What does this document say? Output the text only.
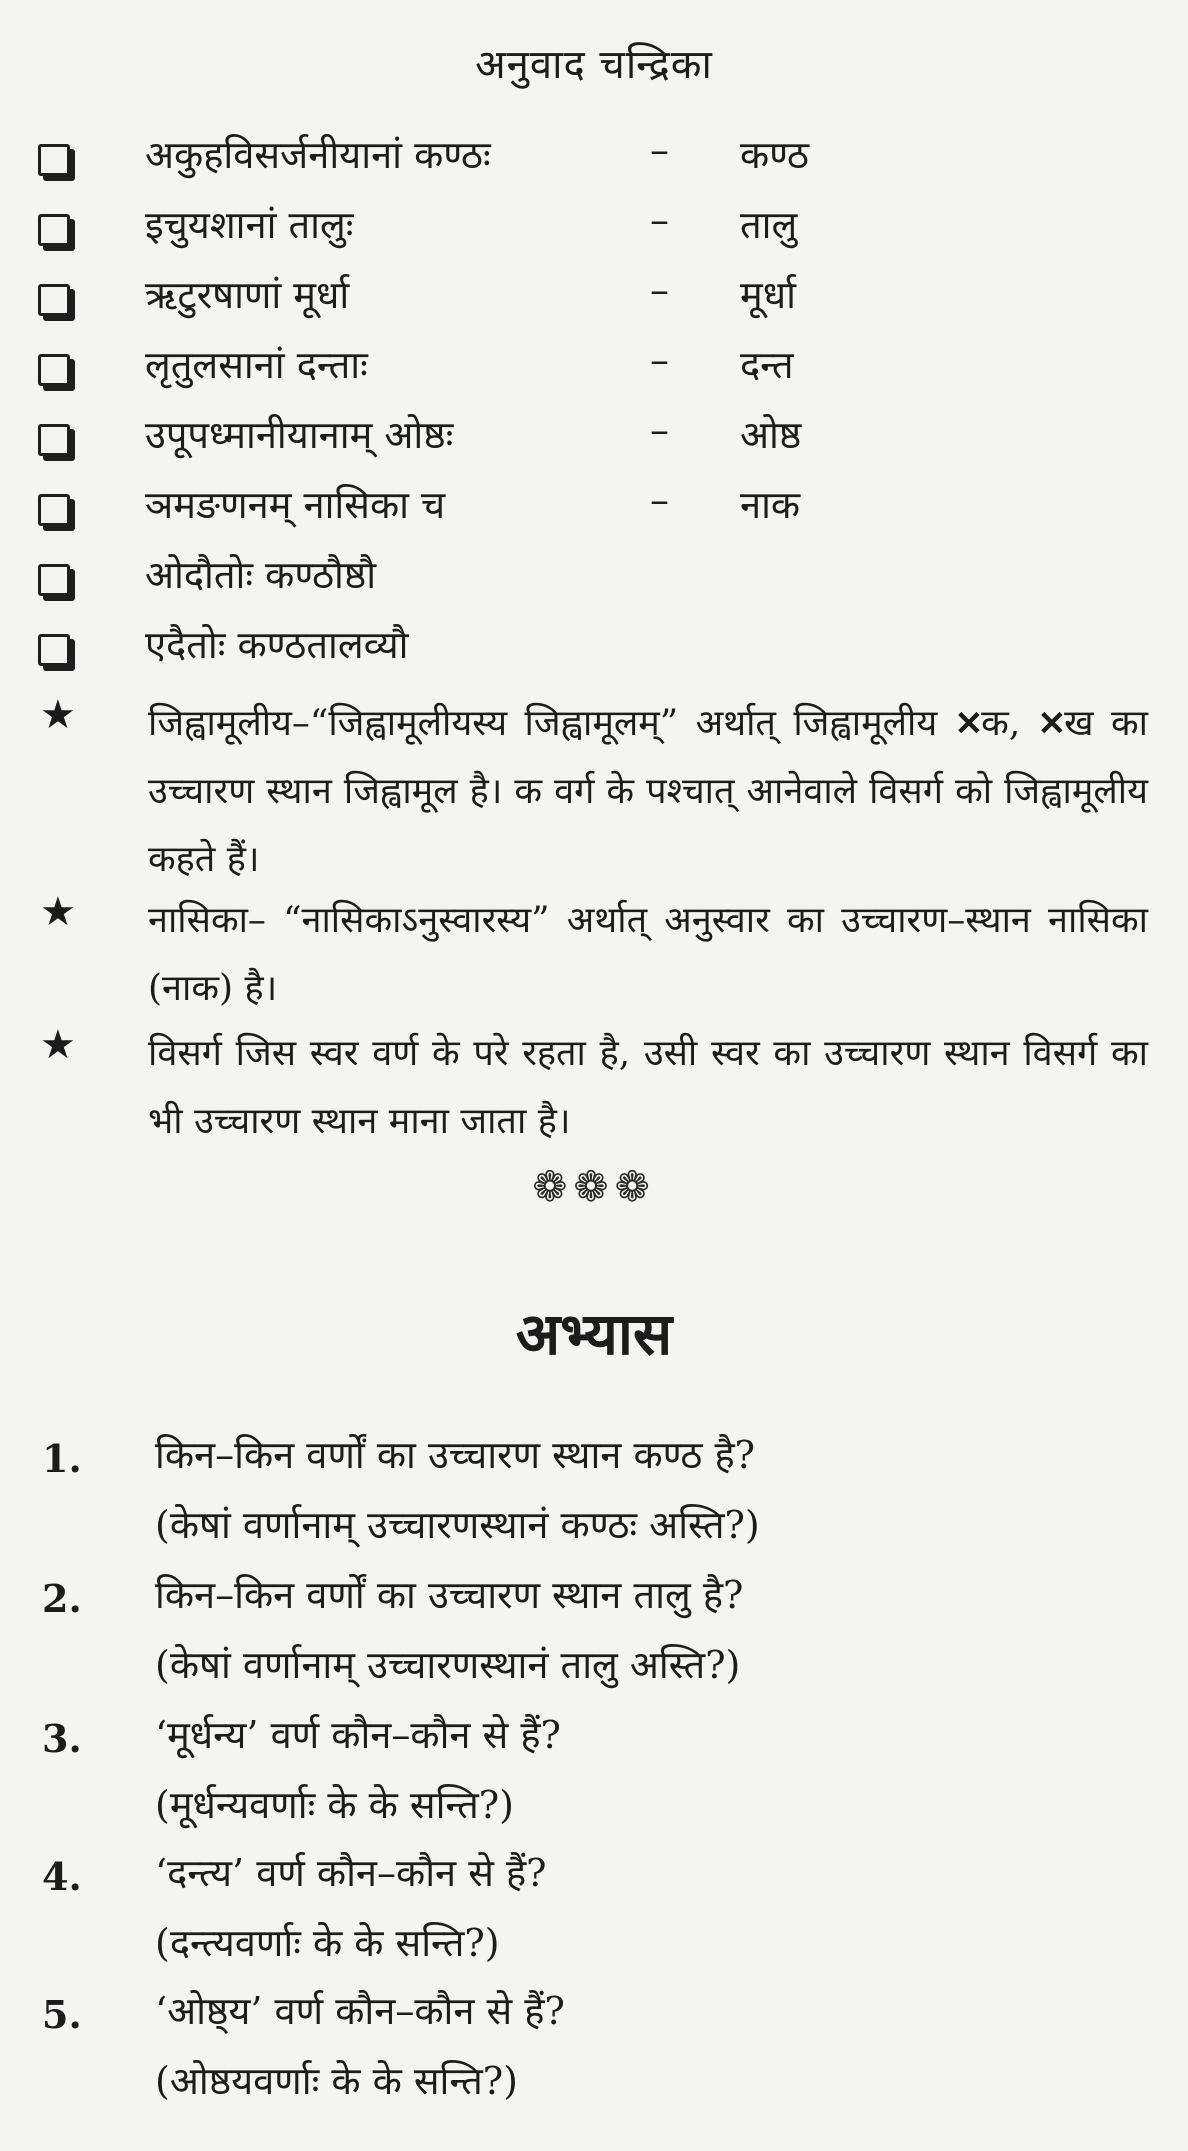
अनुवाद चन्द्रिका
अकुहविसर्जनीयानां कण्ठः	– कण्ठ
इचुयशानां तालुः	– तालु
ऋटुरषाणां मूर्धा	– मूर्धा
लृतुलसानां दन्ताः	– दन्त
उपूपध्मानीयानाम् ओष्ठः	– ओष्ठ
ञमङणनम् नासिका च	– नाक
ओदौतोः कण्ठौष्ठौ
एदैतोः कण्ठतालव्यौ
★ जिह्वामूलीय–“जिह्वामूलीयस्य जिह्वामूलम्” अर्थात् जिह्वामूलीय ✕क, ✕ख का उच्चारण स्थान जिह्वामूल है। क वर्ग के पश्चात् आनेवाले विसर्ग को जिह्वामूलीय कहते हैं।
★ नासिका– “नासिकाऽनुस्वारस्य” अर्थात् अनुस्वार का उच्चारण–स्थान नासिका (नाक) है।
★ विसर्ग जिस स्वर वर्ण के परे रहता है, उसी स्वर का उच्चारण स्थान विसर्ग का भी उच्चारण स्थान माना जाता है।
❁❁❁
अभ्यास
1. किन–किन वर्णों का उच्चारण स्थान कण्ठ है?
(केषां वर्णानाम् उच्चारणस्थानं कण्ठः अस्ति?)
2. किन–किन वर्णों का उच्चारण स्थान तालु है?
(केषां वर्णानाम् उच्चारणस्थानं तालु अस्ति?)
3. ‘मूर्धन्य’ वर्ण कौन–कौन से हैं?
(मूर्धन्यवर्णाः के के सन्ति?)
4. ‘दन्त्य’ वर्ण कौन–कौन से हैं?
(दन्त्यवर्णाः के के सन्ति?)
5. ‘ओष्ठ्य’ वर्ण कौन–कौन से हैं?
(ओष्ठयवर्णाः के के सन्ति?)
